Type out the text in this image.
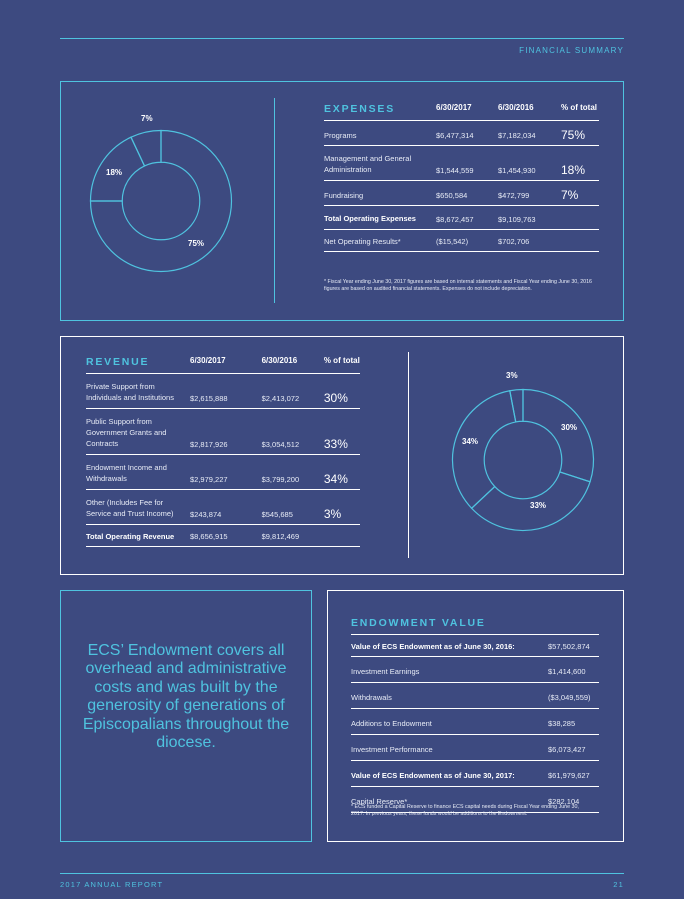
FINANCIAL SUMMARY
7%
18%
75%
EXPENSES	6/30/2017	6/30/2016	% of total
Programs	$6,477,314	$7,182,034	75%
Management and General Administration	$1,544,559	$1,454,930	18%
Fundraising	$650,584	$472,799	7%
Total Operating Expenses	$8,672,457	$9,109,763	
Net Operating Results*	($15,542)	$702,706	
* Fiscal Year ending June 30, 2017 figures are based on internal statements and Fiscal Year ending June 30, 2016 figures are based on audited financial statements. Expenses do not include depreciation.
REVENUE	6/30/2017	6/30/2016	% of total
Private Support from Individuals and Institutions	$2,615,888	$2,413,072	30%
Public Support from Government Grants and Contracts	$2,817,926	$3,054,512	33%
Endowment Income and Withdrawals	$2,979,227	$3,799,200	34%
Other (Includes Fee for Service and Trust Income)	$243,874	$545,685	3%
Total Operating Revenue	$8,656,915	$9,812,469	
3%
30%
33%
34%
ECS’ Endowment covers all overhead and administrative costs and was built by the generosity of generations of Episcopalians throughout the diocese.
ENDOWMENT VALUE	
Value of ECS Endowment as of June 30, 2016:	$57,502,874
Investment Earnings	$1,414,600
Withdrawals	($3,049,559)
Additions to Endowment	$38,285
Investment Performance	$6,073,427
Value of ECS Endowment as of June 30, 2017:	$61,979,627
Capital Reserve*	$282,104
* ECS funded a Capital Reserve to finance ECS capital needs during Fiscal Year ending June 30, 2017. In previous years, these funds would be additions to the Endowment.
2017 ANNUAL REPORT	21
